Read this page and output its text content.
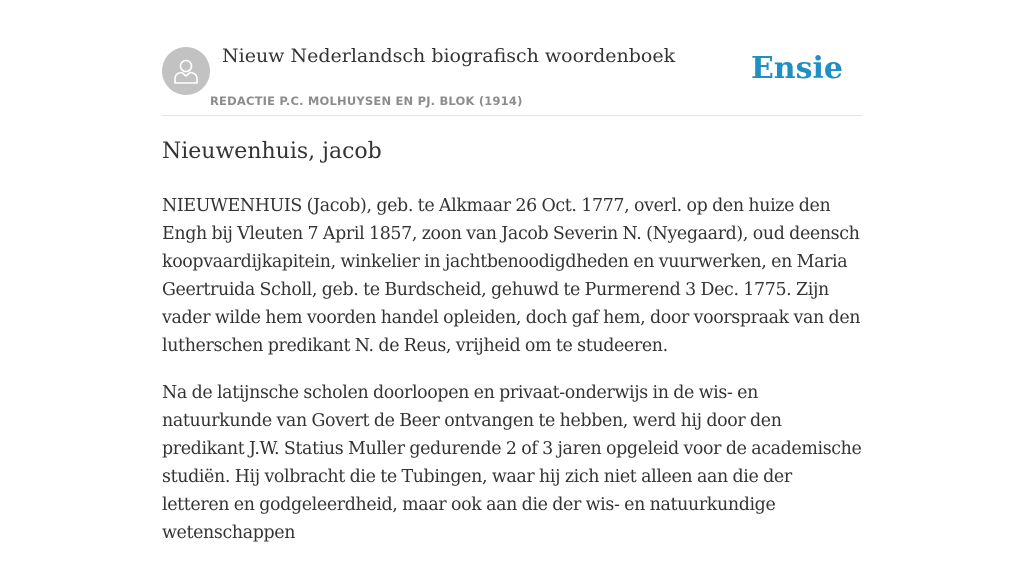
Nieuw Nederlandsch biografisch woordenboek
REDACTIE P.C. MOLHUYSEN EN PJ. BLOK (1914)
Ensie
Nieuwenhuis, jacob

NIEUWENHUIS (Jacob), geb. te Alkmaar 26 Oct. 1777, overl. op den huize den Engh bij Vleuten 7 April 1857, zoon van Jacob Severin N. (Nyegaard), oud deensch koopvaardijkapitein, winkelier in jachtbenoodigdheden en vuurwerken, en Maria Geertruida Scholl, geb. te Burdscheid, gehuwd te Purmerend 3 Dec. 1775. Zijn vader wilde hem voorden handel opleiden, doch gaf hem, door voorspraak van den lutherschen predikant N. de Reus, vrijheid om te studeeren.

Na de latijnsche scholen doorloopen en privaat-onderwijs in de wis- en natuurkunde van Govert de Beer ontvangen te hebben, werd hij door den predikant J.W. Statius Muller gedurende 2 of 3 jaren opgeleid voor de academische studiën. Hij volbracht die te Tubingen, waar hij zich niet alleen aan die der letteren en godgeleerdheid, maar ook aan die der wis- en natuurkundige wetenschappen
